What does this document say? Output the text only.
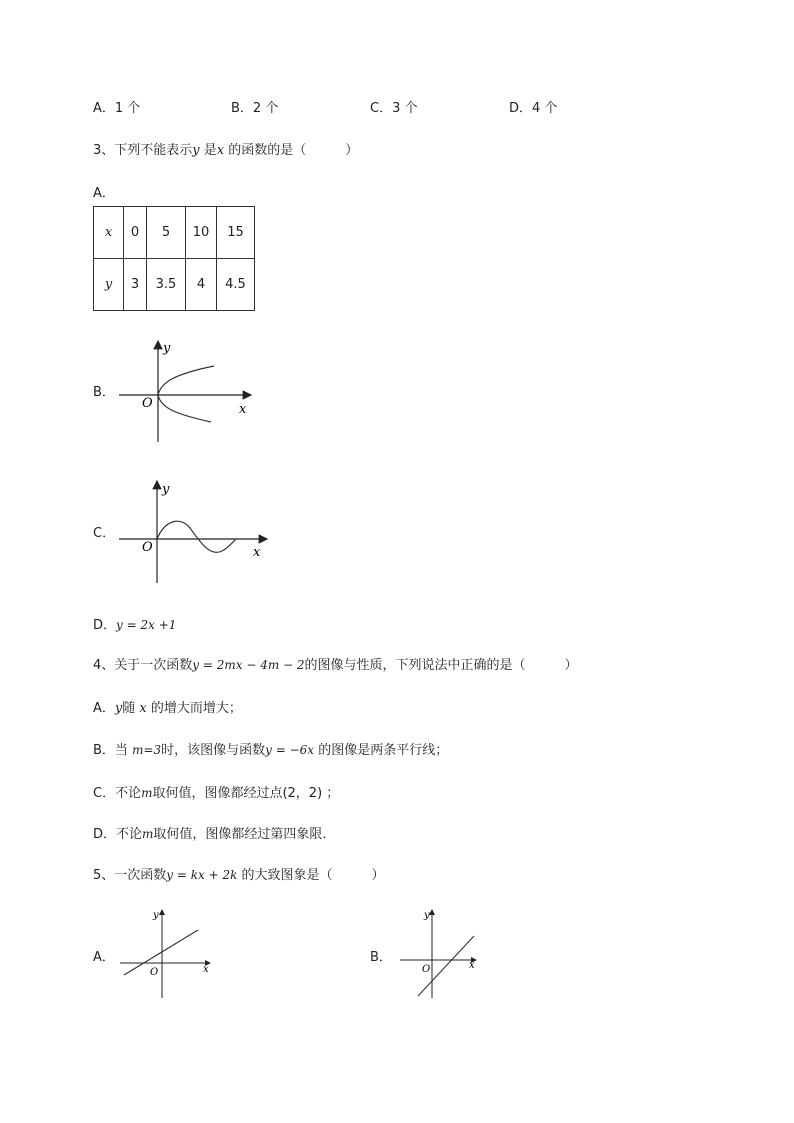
A．1 个	B．2 个	C．3 个	D．4 个
3、下列不能表示y 是x 的函数的是（　　　）
A．
x	0	5	10	15
y	3	3.5	4	4.5
B．
y
x
O
C．
y
x
O
D．y = 2x +1
4、关于一次函数y = 2mx − 4m − 2的图像与性质，下列说法中正确的是（　　　）
A．y随 x 的增大而增大；
B．当 m=3时，该图像与函数y = −6x 的图像是两条平行线；
C．不论m取何值，图像都经过点(2，2) ；
D．不论m取何值，图像都经过第四象限．
5、一次函数y = kx + 2k 的大致图象是（　　　）
A．
y
x
O
B．
y
x
O
